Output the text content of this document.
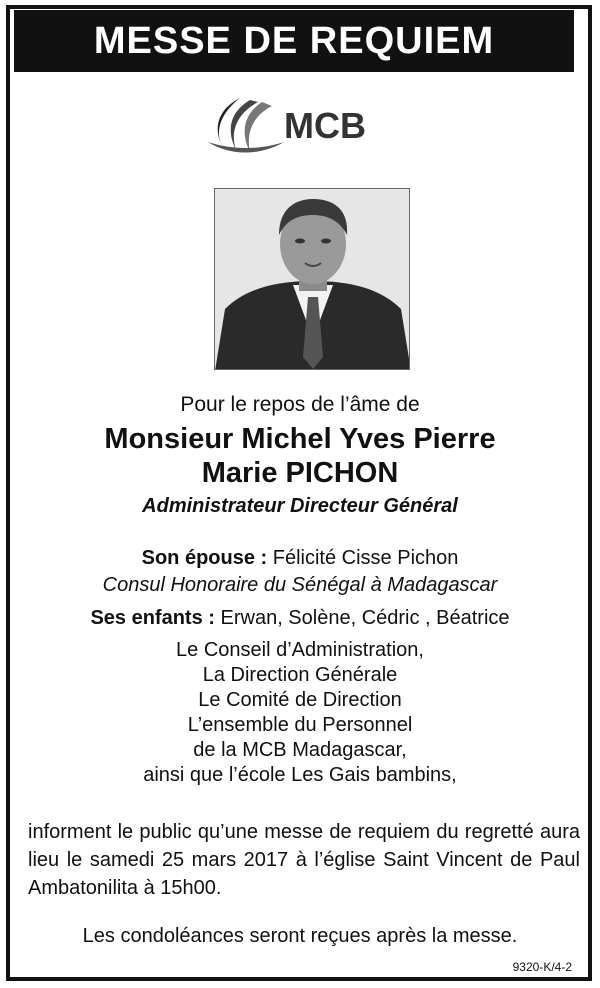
MESSE DE REQUIEM
MCB
Pour le repos de l’âme de
Monsieur Michel Yves Pierre
Marie PICHON
Administrateur Directeur Général
Son épouse : Félicité Cisse Pichon
Consul Honoraire du Sénégal à Madagascar
Ses enfants : Erwan, Solène, Cédric , Béatrice
Le Conseil d’Administration,
La Direction Générale
Le Comité de Direction
L’ensemble du Personnel
de la MCB Madagascar,
ainsi que l’école Les Gais bambins,
informent le public qu’une messe de requiem du regretté aura lieu le samedi 25 mars 2017 à l’église Saint Vincent de Paul Ambatonilita à 15h00.
Les condoléances seront reçues après la messe.
9320-K/4-2
